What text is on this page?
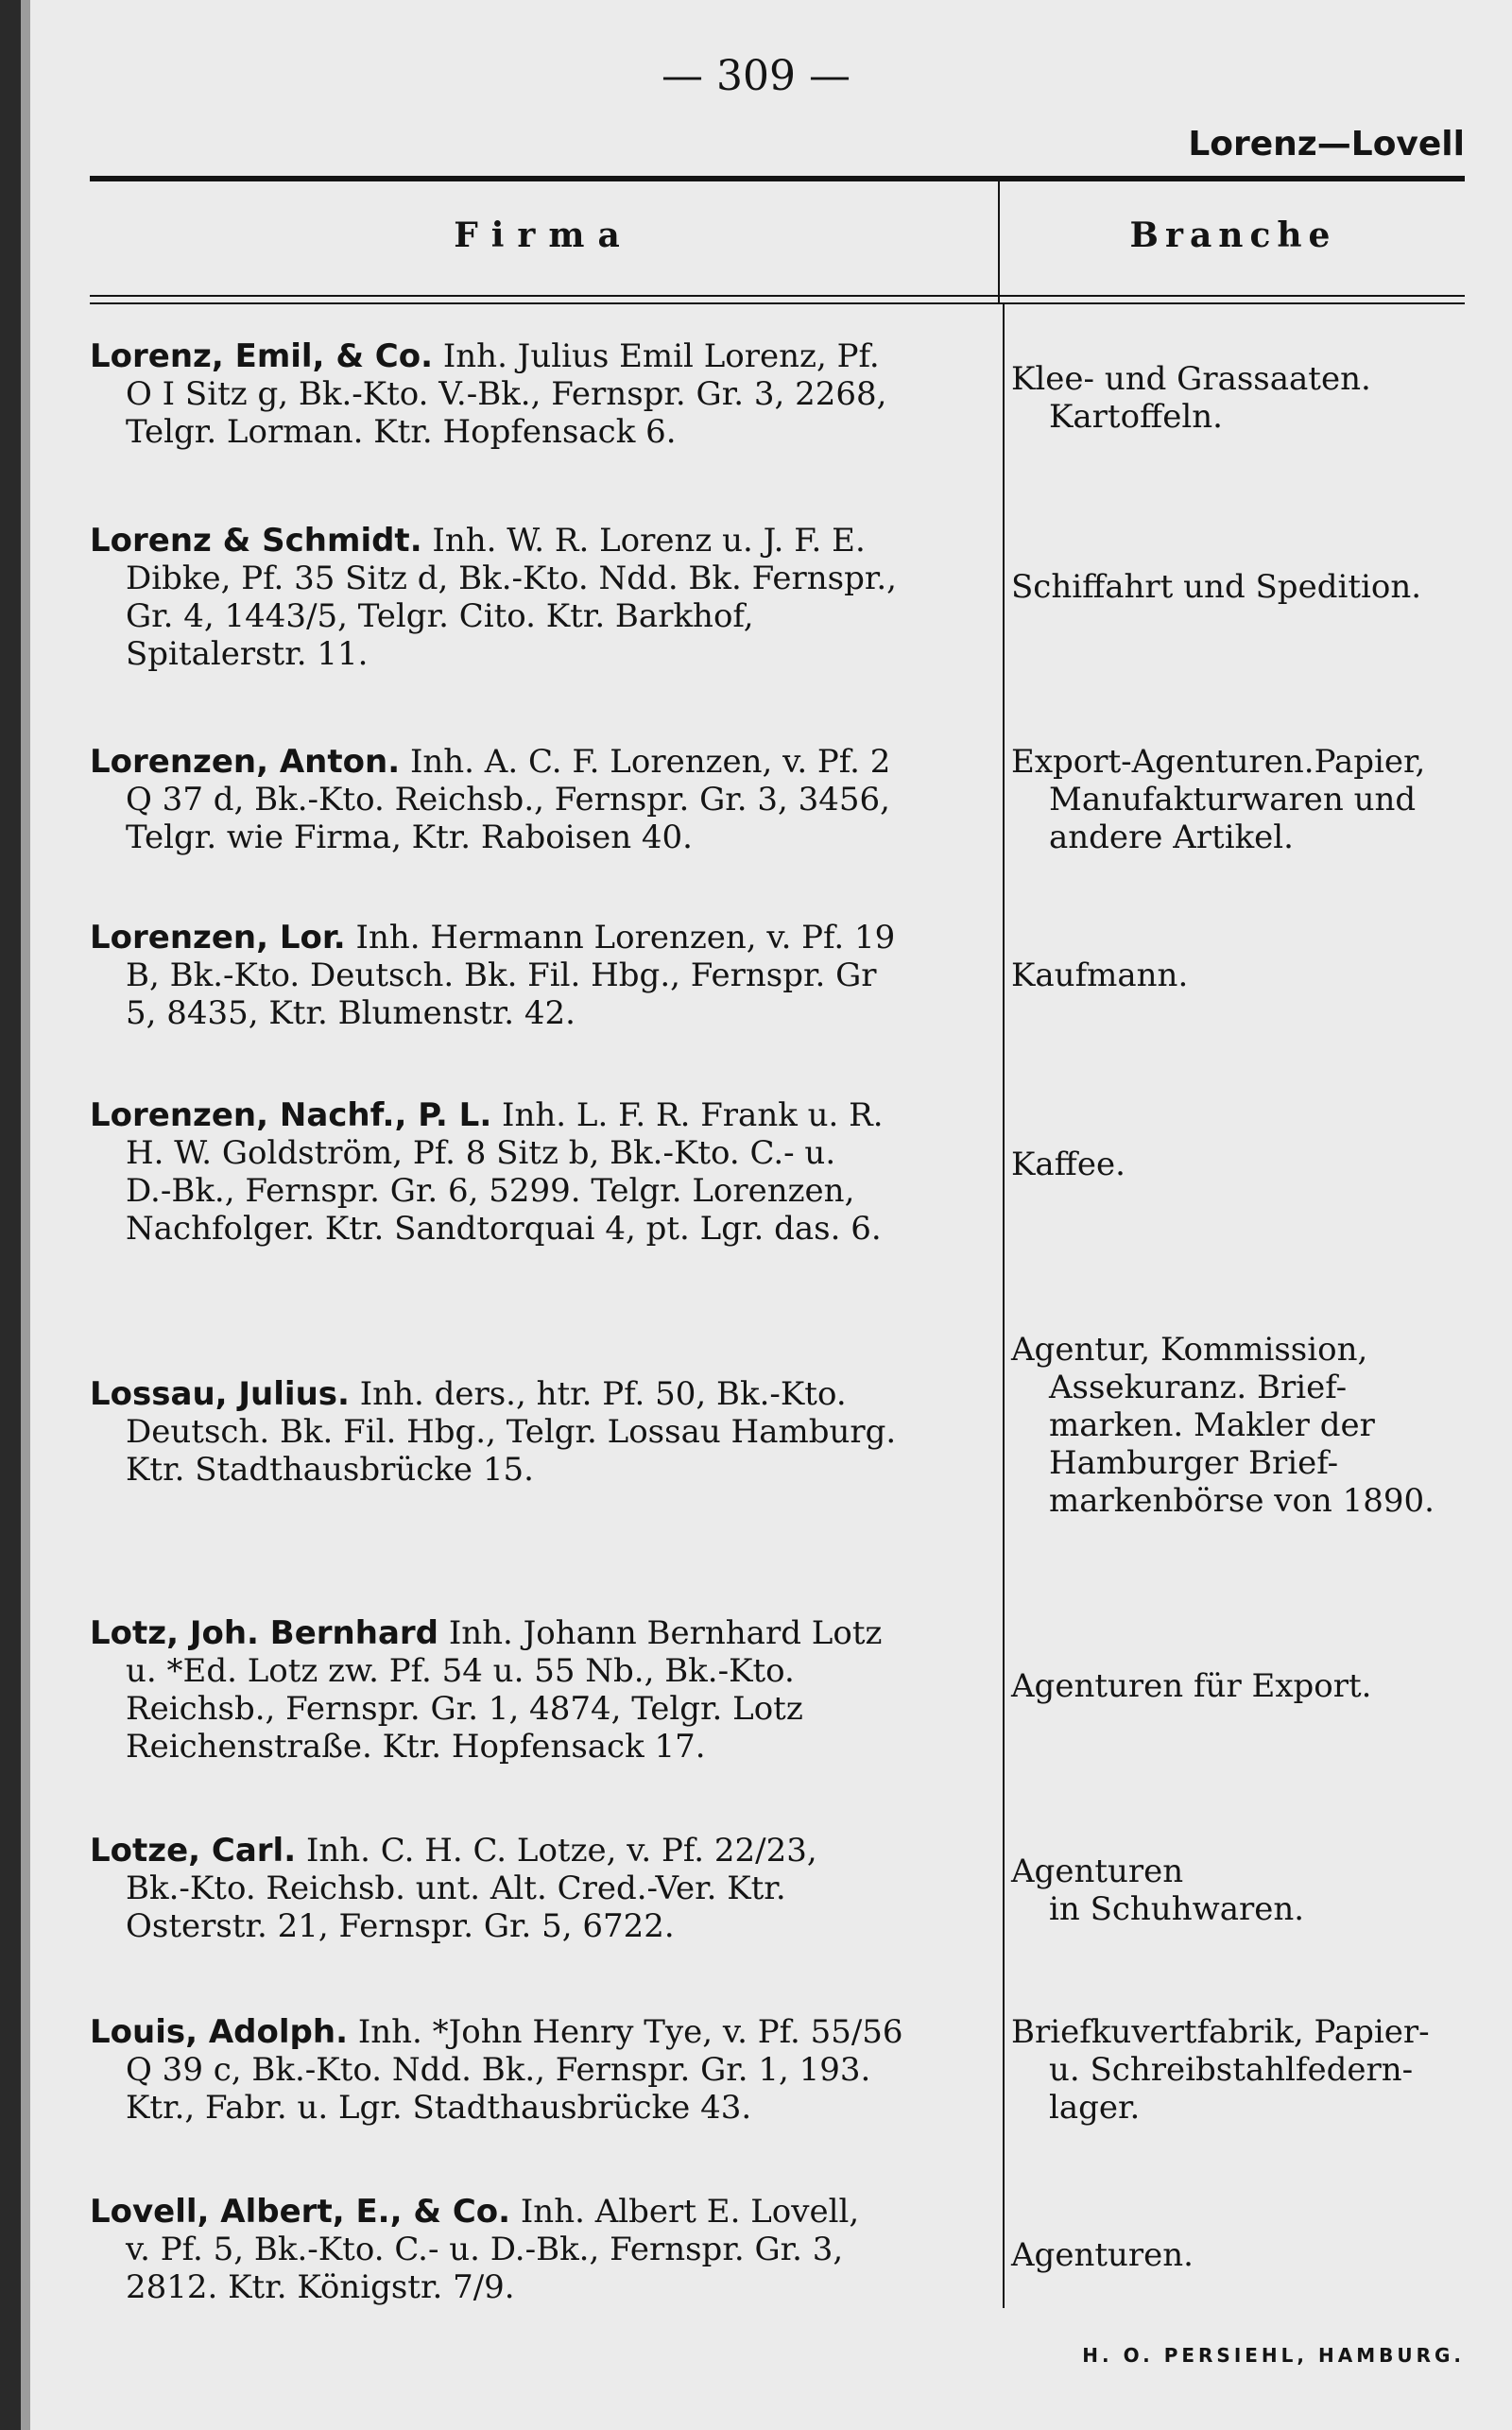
— 309 —
Lorenz—Lovell
Firma	Branche
Lorenz, Emil, & Co. Inh. Julius Emil Lorenz, Pf.
O I Sitz g, Bk.-Kto. V.-Bk., Fernspr. Gr. 3, 2268,
Telgr. Lorman. Ktr. Hopfensack 6.
Klee- und Grassaaten.
Kartoffeln.
Lorenz & Schmidt. Inh. W. R. Lorenz u. J. F. E.
Dibke, Pf. 35 Sitz d, Bk.-Kto. Ndd. Bk. Fernspr.,
Gr. 4, 1443/5, Telgr. Cito. Ktr. Barkhof,
Spitalerstr. 11.
Schiffahrt und Spedition.
Lorenzen, Anton. Inh. A. C. F. Lorenzen, v. Pf. 2
Q 37 d, Bk.-Kto. Reichsb., Fernspr. Gr. 3, 3456,
Telgr. wie Firma, Ktr. Raboisen 40.
Export-Agenturen.Papier,
Manufakturwaren und
andere Artikel.
Lorenzen, Lor. Inh. Hermann Lorenzen, v. Pf. 19
B, Bk.-Kto. Deutsch. Bk. Fil. Hbg., Fernspr. Gr
5, 8435, Ktr. Blumenstr. 42.
Kaufmann.
Lorenzen, Nachf., P. L. Inh. L. F. R. Frank u. R.
H. W. Goldström, Pf. 8 Sitz b, Bk.-Kto. C.- u.
D.-Bk., Fernspr. Gr. 6, 5299. Telgr. Lorenzen,
Nachfolger. Ktr. Sandtorquai 4, pt. Lgr. das. 6.
Kaffee.
Lossau, Julius. Inh. ders., htr. Pf. 50, Bk.-Kto.
Deutsch. Bk. Fil. Hbg., Telgr. Lossau Hamburg.
Ktr. Stadthausbrücke 15.
Agentur, Kommission,
Assekuranz. Brief-
marken. Makler der
Hamburger Brief-
markenbörse von 1890.
Lotz, Joh. Bernhard Inh. Johann Bernhard Lotz
u. *Ed. Lotz zw. Pf. 54 u. 55 Nb., Bk.-Kto.
Reichsb., Fernspr. Gr. 1, 4874, Telgr. Lotz
Reichenstraße. Ktr. Hopfensack 17.
Agenturen für Export.
Lotze, Carl. Inh. C. H. C. Lotze, v. Pf. 22/23,
Bk.-Kto. Reichsb. unt. Alt. Cred.-Ver. Ktr.
Osterstr. 21, Fernspr. Gr. 5, 6722.
Agenturen
in Schuhwaren.
Louis, Adolph. Inh. *John Henry Tye, v. Pf. 55/56
Q 39 c, Bk.-Kto. Ndd. Bk., Fernspr. Gr. 1, 193.
Ktr., Fabr. u. Lgr. Stadthausbrücke 43.
Briefkuvertfabrik, Papier-
u. Schreibstahlfedern-
lager.
Lovell, Albert, E., & Co. Inh. Albert E. Lovell,
v. Pf. 5, Bk.-Kto. C.- u. D.-Bk., Fernspr. Gr. 3,
2812. Ktr. Königstr. 7/9.
Agenturen.
H. O. PERSIEHL, HAMBURG.
